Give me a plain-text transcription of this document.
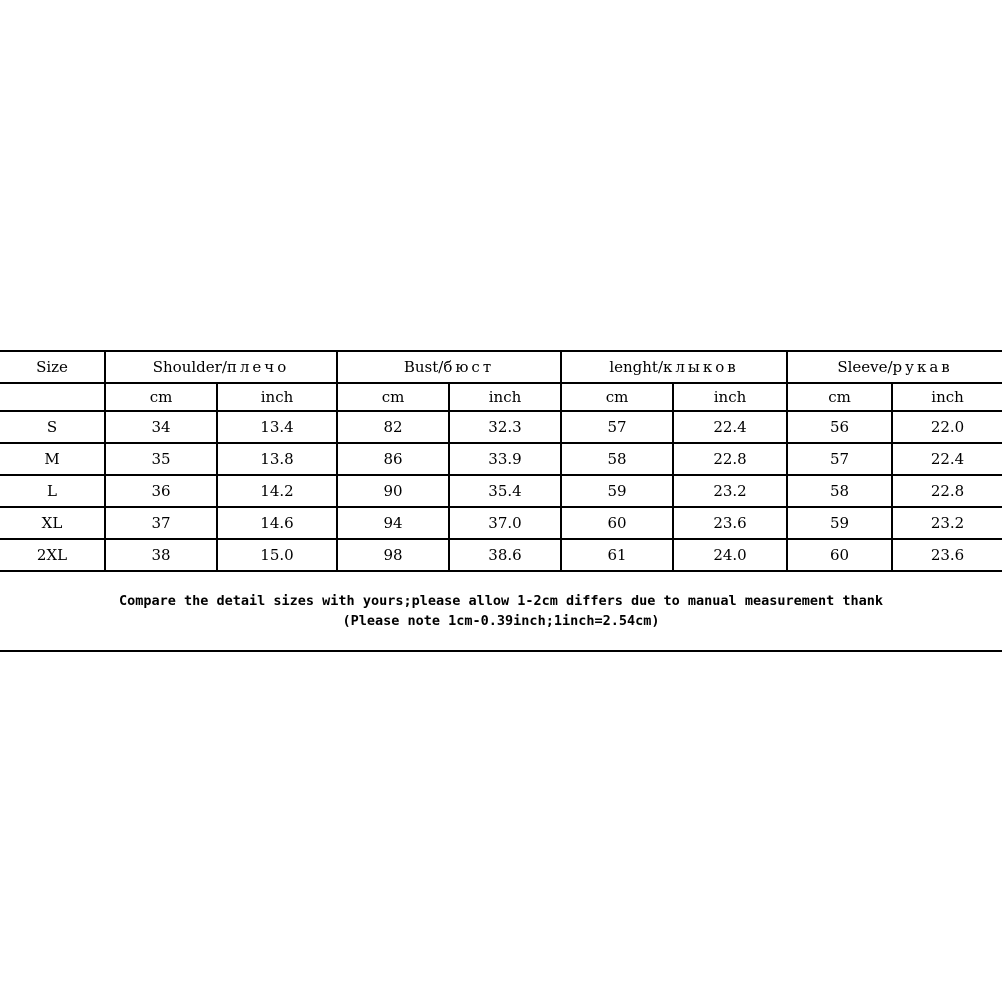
Size	Shoulder/плечо		Bust/бюст		lenght/клыков		Sleeve/рукав	
	cm	inch	cm	inch	cm	inch	cm	inch
S	34	13.4	82	32.3	57	22.4	56	22.0
M	35	13.8	86	33.9	58	22.8	57	22.4
L	36	14.2	90	35.4	59	23.2	58	22.8
XL	37	14.6	94	37.0	60	23.6	59	23.2
2XL	38	15.0	98	38.6	61	24.0	60	23.6
Compare the detail sizes with yours;please allow 1-2cm differs due to manual measurement thank
(Please note 1cm-0.39inch;1inch=2.54cm)
